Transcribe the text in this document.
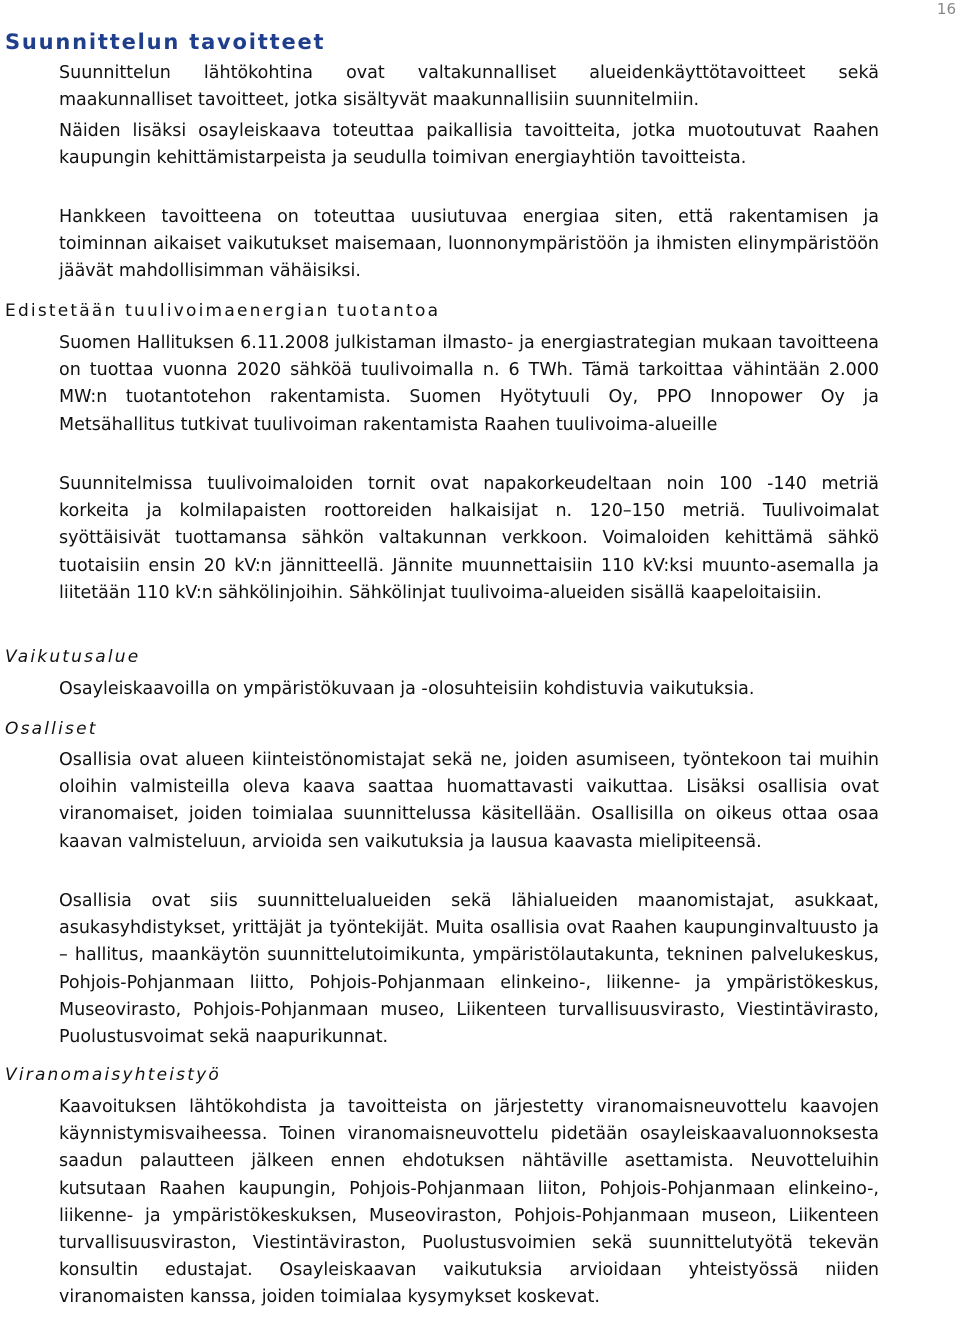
16
Suunnittelun tavoitteet

Suunnittelun lähtökohtina ovat valtakunnalliset alueidenkäyttötavoitteet sekä maakunnalliset tavoitteet, jotka sisältyvät maakunnallisiin suunnitelmiin.

Näiden lisäksi osayleiskaava toteuttaa paikallisia tavoitteita, jotka muotoutuvat Raahen kaupungin kehittämistarpeista ja seudulla toimivan energiayhtiön tavoitteista.

Hankkeen tavoitteena on toteuttaa uusiutuvaa energiaa siten, että rakentamisen ja toiminnan aikaiset vaikutukset maisemaan, luonnonympäristöön ja ihmisten elinympäristöön jäävät mahdollisimman vähäisiksi.

Edistetään tuulivoimaenergian tuotantoa

Suomen Hallituksen 6.11.2008 julkistaman ilmasto- ja energiastrategian mukaan tavoitteena on tuottaa vuonna 2020 sähköä tuulivoimalla n. 6 TWh. Tämä tarkoittaa vähintään 2.000 MW:n tuotantotehon rakentamista. Suomen Hyötytuuli Oy, PPO Innopower Oy ja Metsähallitus tutkivat tuulivoiman rakentamista Raahen tuulivoima-alueille

Suunnitelmissa tuulivoimaloiden tornit ovat napakorkeudeltaan noin 100 -140 metriä korkeita ja kolmilapaisten roottoreiden halkaisijat n. 120–150 metriä. Tuulivoimalat syöttäisivät tuottamansa sähkön valtakunnan verkkoon. Voimaloiden kehittämä sähkö tuotaisiin ensin 20 kV:n jännitteellä. Jännite muunnettaisiin 110 kV:ksi muunto-asemalla ja liitetään 110 kV:n sähkölinjoihin. Sähkölinjat tuulivoima-alueiden sisällä kaapeloitaisiin.

Vaikutusalue

Osayleiskaavoilla on ympäristökuvaan ja -olosuhteisiin kohdistuvia vaikutuksia.

Osalliset

Osallisia ovat alueen kiinteistönomistajat sekä ne, joiden asumiseen, työntekoon tai muihin oloihin valmisteilla oleva kaava saattaa huomattavasti vaikuttaa. Lisäksi osallisia ovat viranomaiset, joiden toimialaa suunnittelussa käsitellään. Osallisilla on oikeus ottaa osaa kaavan valmisteluun, arvioida sen vaikutuksia ja lausua kaavasta mielipiteensä.

Osallisia ovat siis suunnittelualueiden sekä lähialueiden maanomistajat, asukkaat, asukasyhdistykset, yrittäjät ja työntekijät. Muita osallisia ovat Raahen kaupunginvaltuusto ja – hallitus, maankäytön suunnittelutoimikunta, ympäristölautakunta, tekninen palvelukeskus, Pohjois-Pohjanmaan liitto, Pohjois-Pohjanmaan elinkeino-, liikenne- ja ympäristökeskus, Museovirasto, Pohjois-Pohjanmaan museo, Liikenteen turvallisuusvirasto, Viestintävirasto, Puolustusvoimat sekä naapurikunnat.

Viranomaisyhteistyö

Kaavoituksen lähtökohdista ja tavoitteista on järjestetty viranomaisneuvottelu kaavojen käynnistymisvaiheessa. Toinen viranomaisneuvottelu pidetään osayleiskaavaluonnoksesta saadun palautteen jälkeen ennen ehdotuksen nähtäville asettamista. Neuvotteluihin kutsutaan Raahen kaupungin, Pohjois-Pohjanmaan liiton, Pohjois-Pohjanmaan elinkeino-, liikenne- ja ympäristökeskuksen, Museoviraston, Pohjois-Pohjanmaan museon, Liikenteen turvallisuusviraston, Viestintäviraston, Puolustusvoimien sekä suunnittelutyötä tekevän konsultin edustajat. Osayleiskaavan vaikutuksia arvioidaan yhteistyössä niiden viranomaisten kanssa, joiden toimialaa kysymykset koskevat.
